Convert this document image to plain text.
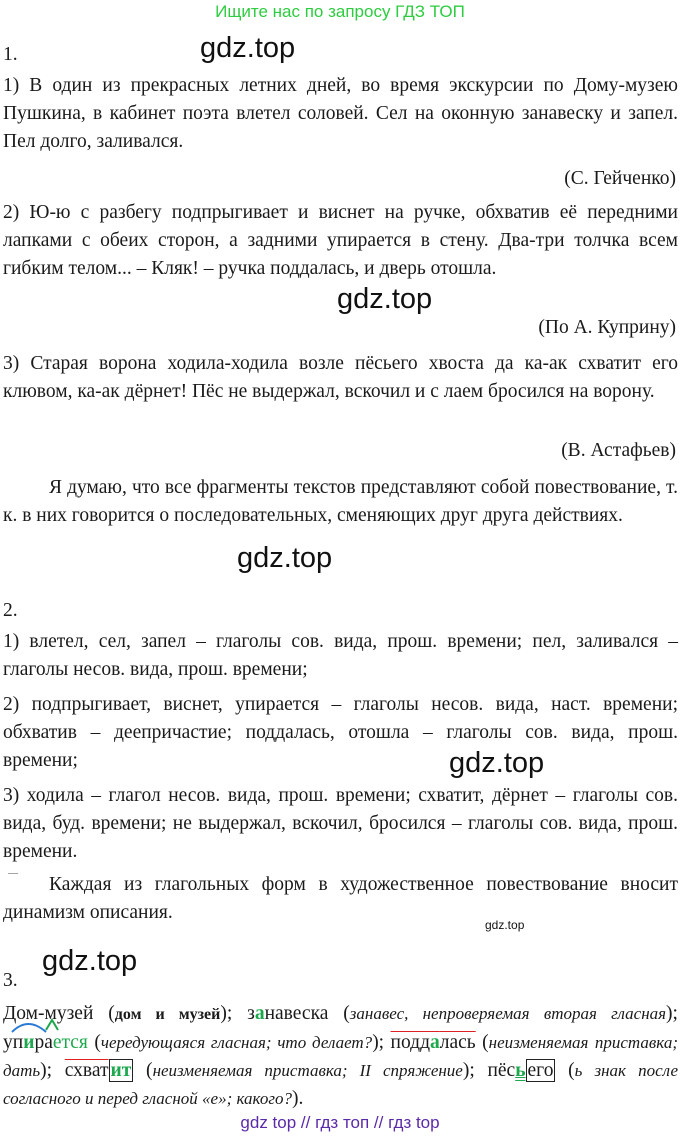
Ищите нас по запросу ГДЗ ТОП
gdz.top
gdz.top
gdz.top
gdz.top
gdz.top
gdz.top
1.
1) В один из прекрасных летних дней, во время экскурсии по Дому-музею Пушкина, в кабинет поэта влетел соловей. Сел на оконную занавеску и запел. Пел долго, заливался.
(С. Гейченко)
2) Ю-ю с разбегу подпрыгивает и виснет на ручке, обхватив её передними лапками с обеих сторон, а задними упирается в стену. Два-три толчка всем гибким телом... – Кляк! – ручка поддалась, и дверь отошла.
(По А. Куприну)
3) Старая ворона ходила-ходила возле пёсьего хвоста да ка-ак схватит его клювом, ка-ак дёрнет! Пёс не выдержал, вскочил и с лаем бросился на ворону.
(В. Астафьев)
Я думаю, что все фрагменты текстов представляют собой повествование, т. к. в них говорится о последовательных, сменяющих друг друга действиях.
2.
1) влетел, сел, запел – глаголы сов. вида, прош. времени; пел, заливался – глаголы несов. вида, прош. времени;
2) подпрыгивает, виснет, упирается – глаголы несов. вида, наст. времени; обхватив – деепричастие; поддалась, отошла – глаголы сов. вида, прош. времени;
3) ходила – глагол несов. вида, прош. времени; схватит, дёрнет – глаголы сов. вида, буд. времени; не выдержал, вскочил, бросился – глаголы сов. вида, прош. времени.
—
Каждая из глагольных форм в художественное повествование вносит динамизм описания.
3.
Дом-музей (дом и музей); занавеска (занавес, непроверяемая вторая гласная); упирается (чередующаяся гласная; что делает?); поддалась (неизменяемая приставка; дать); схват ит (неизменяемая приставка; II спряжение); пёсь его (ь знак после согласного и перед гласной «е»; какого?).
gdz top // гдз топ // гдз top
